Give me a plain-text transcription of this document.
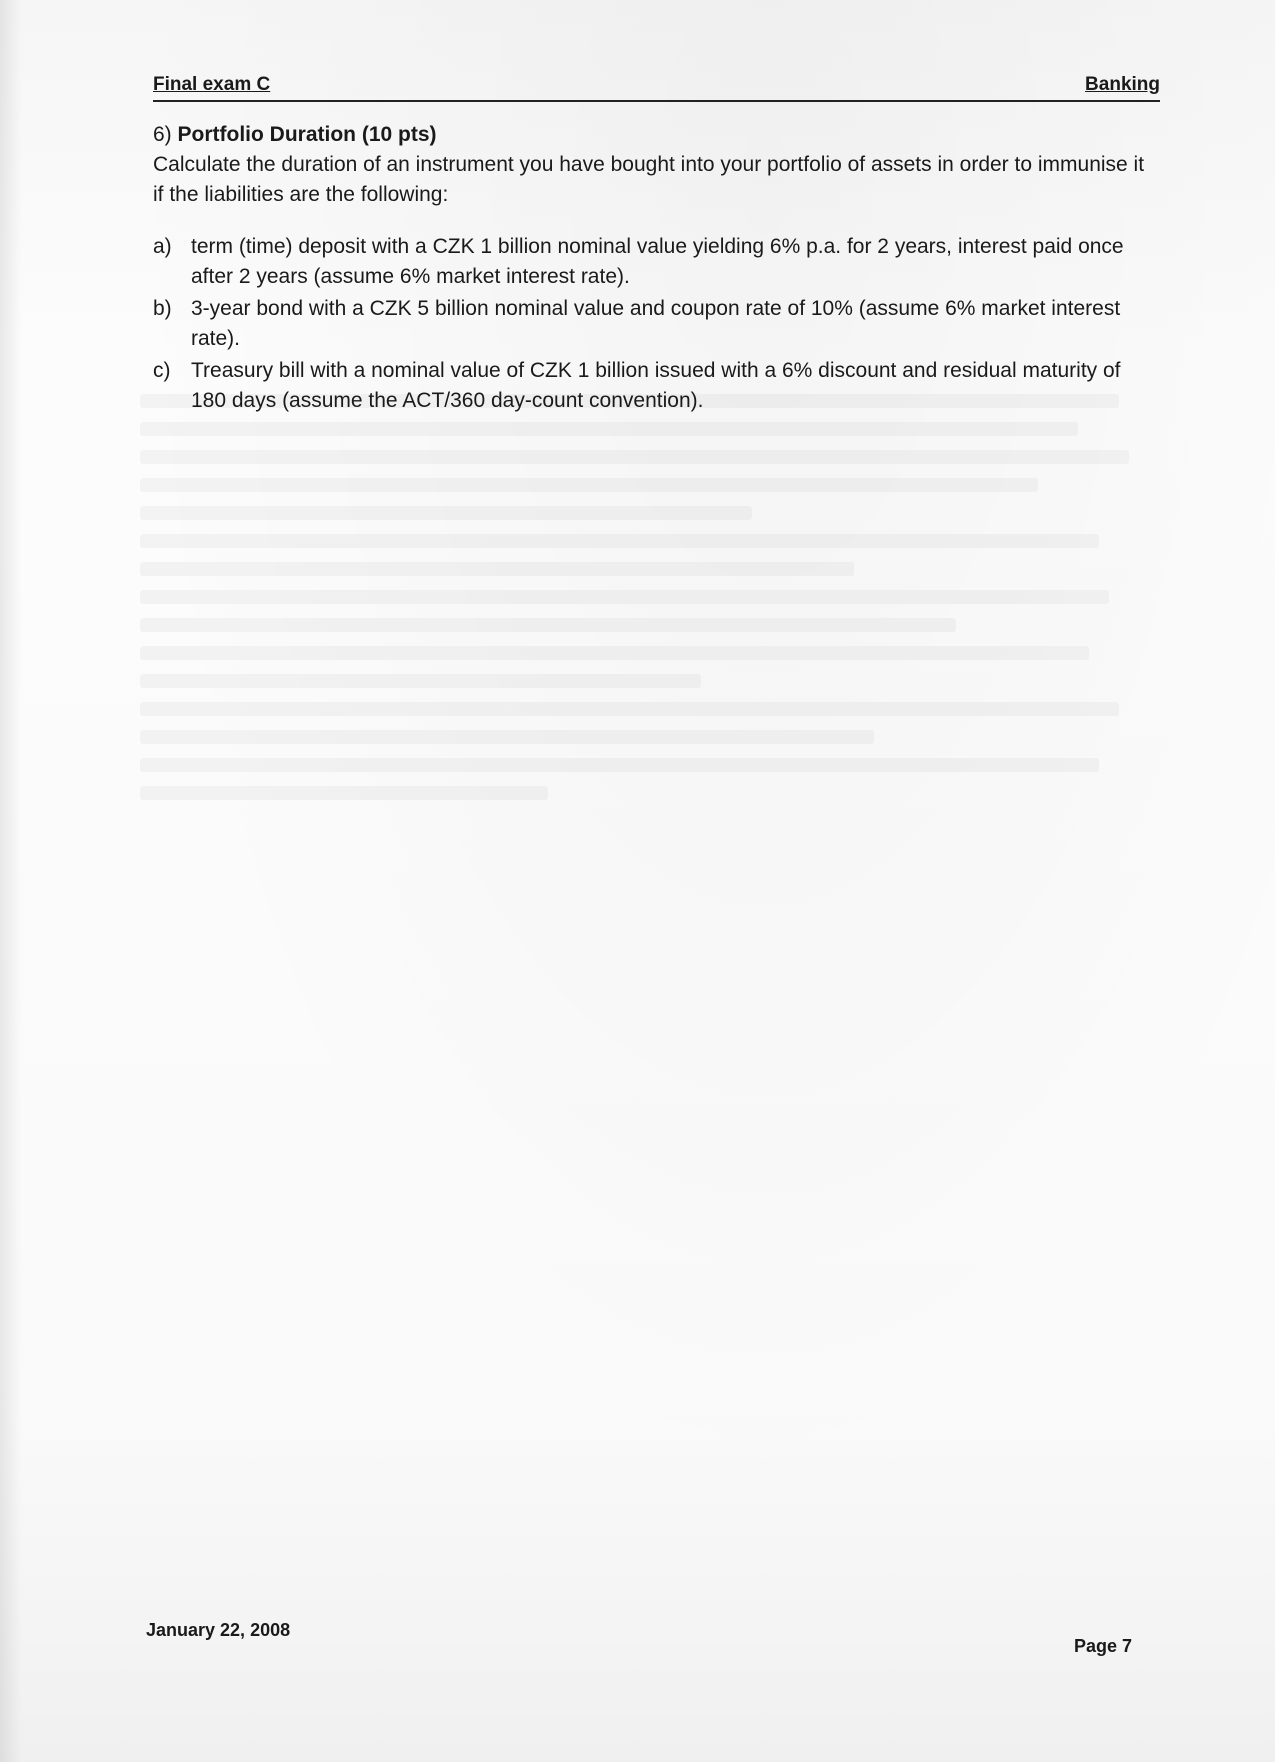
Final exam C	Banking

6) Portfolio Duration (10 pts)

Calculate the duration of an instrument you have bought into your portfolio of assets in order to immunise it if the liabilities are the following:

a) term (time) deposit with a CZK 1 billion nominal value yielding 6% p.a. for 2 years, interest paid once after 2 years (assume 6% market interest rate).
b) 3-year bond with a CZK 5 billion nominal value and coupon rate of 10% (assume 6% market interest rate).
c) Treasury bill with a nominal value of CZK 1 billion issued with a 6% discount and residual maturity of 180 days (assume the ACT/360 day-count convention).
January 22, 2008
Page 7
